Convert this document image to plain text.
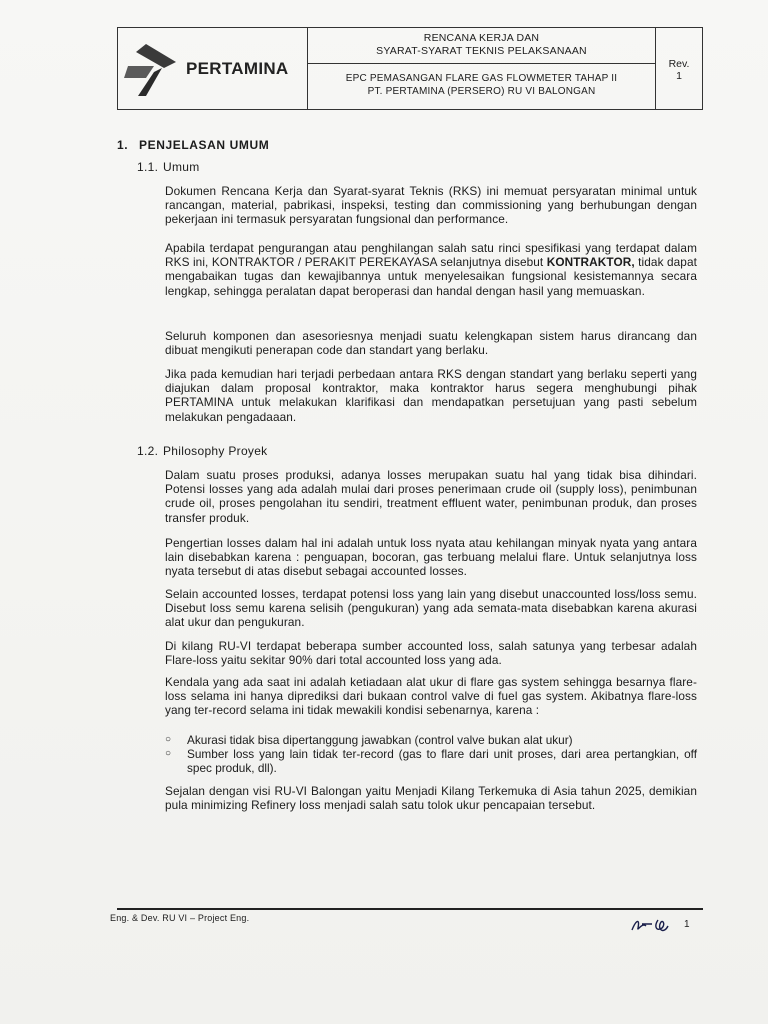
PERTAMINA
RENCANA KERJA DAN
SYARAT-SYARAT TEKNIS PELAKSANAAN
EPC PEMASANGAN FLARE GAS FLOWMETER TAHAP II
PT. PERTAMINA (PERSERO) RU VI BALONGAN
Rev.
1
1. PENJELASAN UMUM
1.1. Umum
Dokumen Rencana Kerja dan Syarat-syarat Teknis (RKS) ini memuat persyaratan minimal untuk rancangan, material, pabrikasi, inspeksi, testing dan commissioning yang berhubungan dengan pekerjaan ini termasuk persyaratan fungsional dan performance.
Apabila terdapat pengurangan atau penghilangan salah satu rinci spesifikasi yang terdapat dalam RKS ini, KONTRAKTOR / PERAKIT PEREKAYASA selanjutnya disebut KONTRAKTOR, tidak dapat mengabaikan tugas dan kewajibannya untuk menyelesaikan fungsional kesistemannya secara lengkap, sehingga peralatan dapat beroperasi dan handal dengan hasil yang memuaskan.
Seluruh komponen dan asesoriesnya menjadi suatu kelengkapan sistem harus dirancang dan dibuat mengikuti penerapan code dan standart yang berlaku.
Jika pada kemudian hari terjadi perbedaan antara RKS dengan standart yang berlaku seperti yang diajukan dalam proposal kontraktor, maka kontraktor harus segera menghubungi pihak PERTAMINA untuk melakukan klarifikasi dan mendapatkan persetujuan yang pasti sebelum melakukan pengadaaan.
1.2. Philosophy Proyek
Dalam suatu proses produksi, adanya losses merupakan suatu hal yang tidak bisa dihindari. Potensi losses yang ada adalah mulai dari proses penerimaan crude oil (supply loss), penimbunan crude oil, proses pengolahan itu sendiri, treatment effluent water, penimbunan produk, dan proses transfer produk.
Pengertian losses dalam hal ini adalah untuk loss nyata atau kehilangan minyak nyata yang antara lain disebabkan karena : penguapan, bocoran, gas terbuang melalui flare. Untuk selanjutnya loss nyata tersebut di atas disebut sebagai accounted losses.
Selain accounted losses, terdapat potensi loss yang lain yang disebut unaccounted loss/loss semu. Disebut loss semu karena selisih (pengukuran) yang ada semata-mata disebabkan karena akurasi alat ukur dan pengukuran.
Di kilang RU-VI terdapat beberapa sumber accounted loss, salah satunya yang terbesar adalah Flare-loss yaitu sekitar 90% dari total accounted loss yang ada.
Kendala yang ada saat ini adalah ketiadaan alat ukur di flare gas system sehingga besarnya flare-loss selama ini hanya diprediksi dari bukaan control valve di fuel gas system. Akibatnya flare-loss yang ter-record selama ini tidak mewakili kondisi sebenarnya, karena :
○ Akurasi tidak bisa dipertanggung jawabkan (control valve bukan alat ukur)
○ Sumber loss yang lain tidak ter-record (gas to flare dari unit proses, dari area pertangkian, off spec produk, dll).
Sejalan dengan visi RU-VI Balongan yaitu Menjadi Kilang Terkemuka di Asia tahun 2025, demikian pula minimizing Refinery loss menjadi salah satu tolok ukur pencapaian tersebut.
Eng. & Dev. RU VI – Project Eng.
1
